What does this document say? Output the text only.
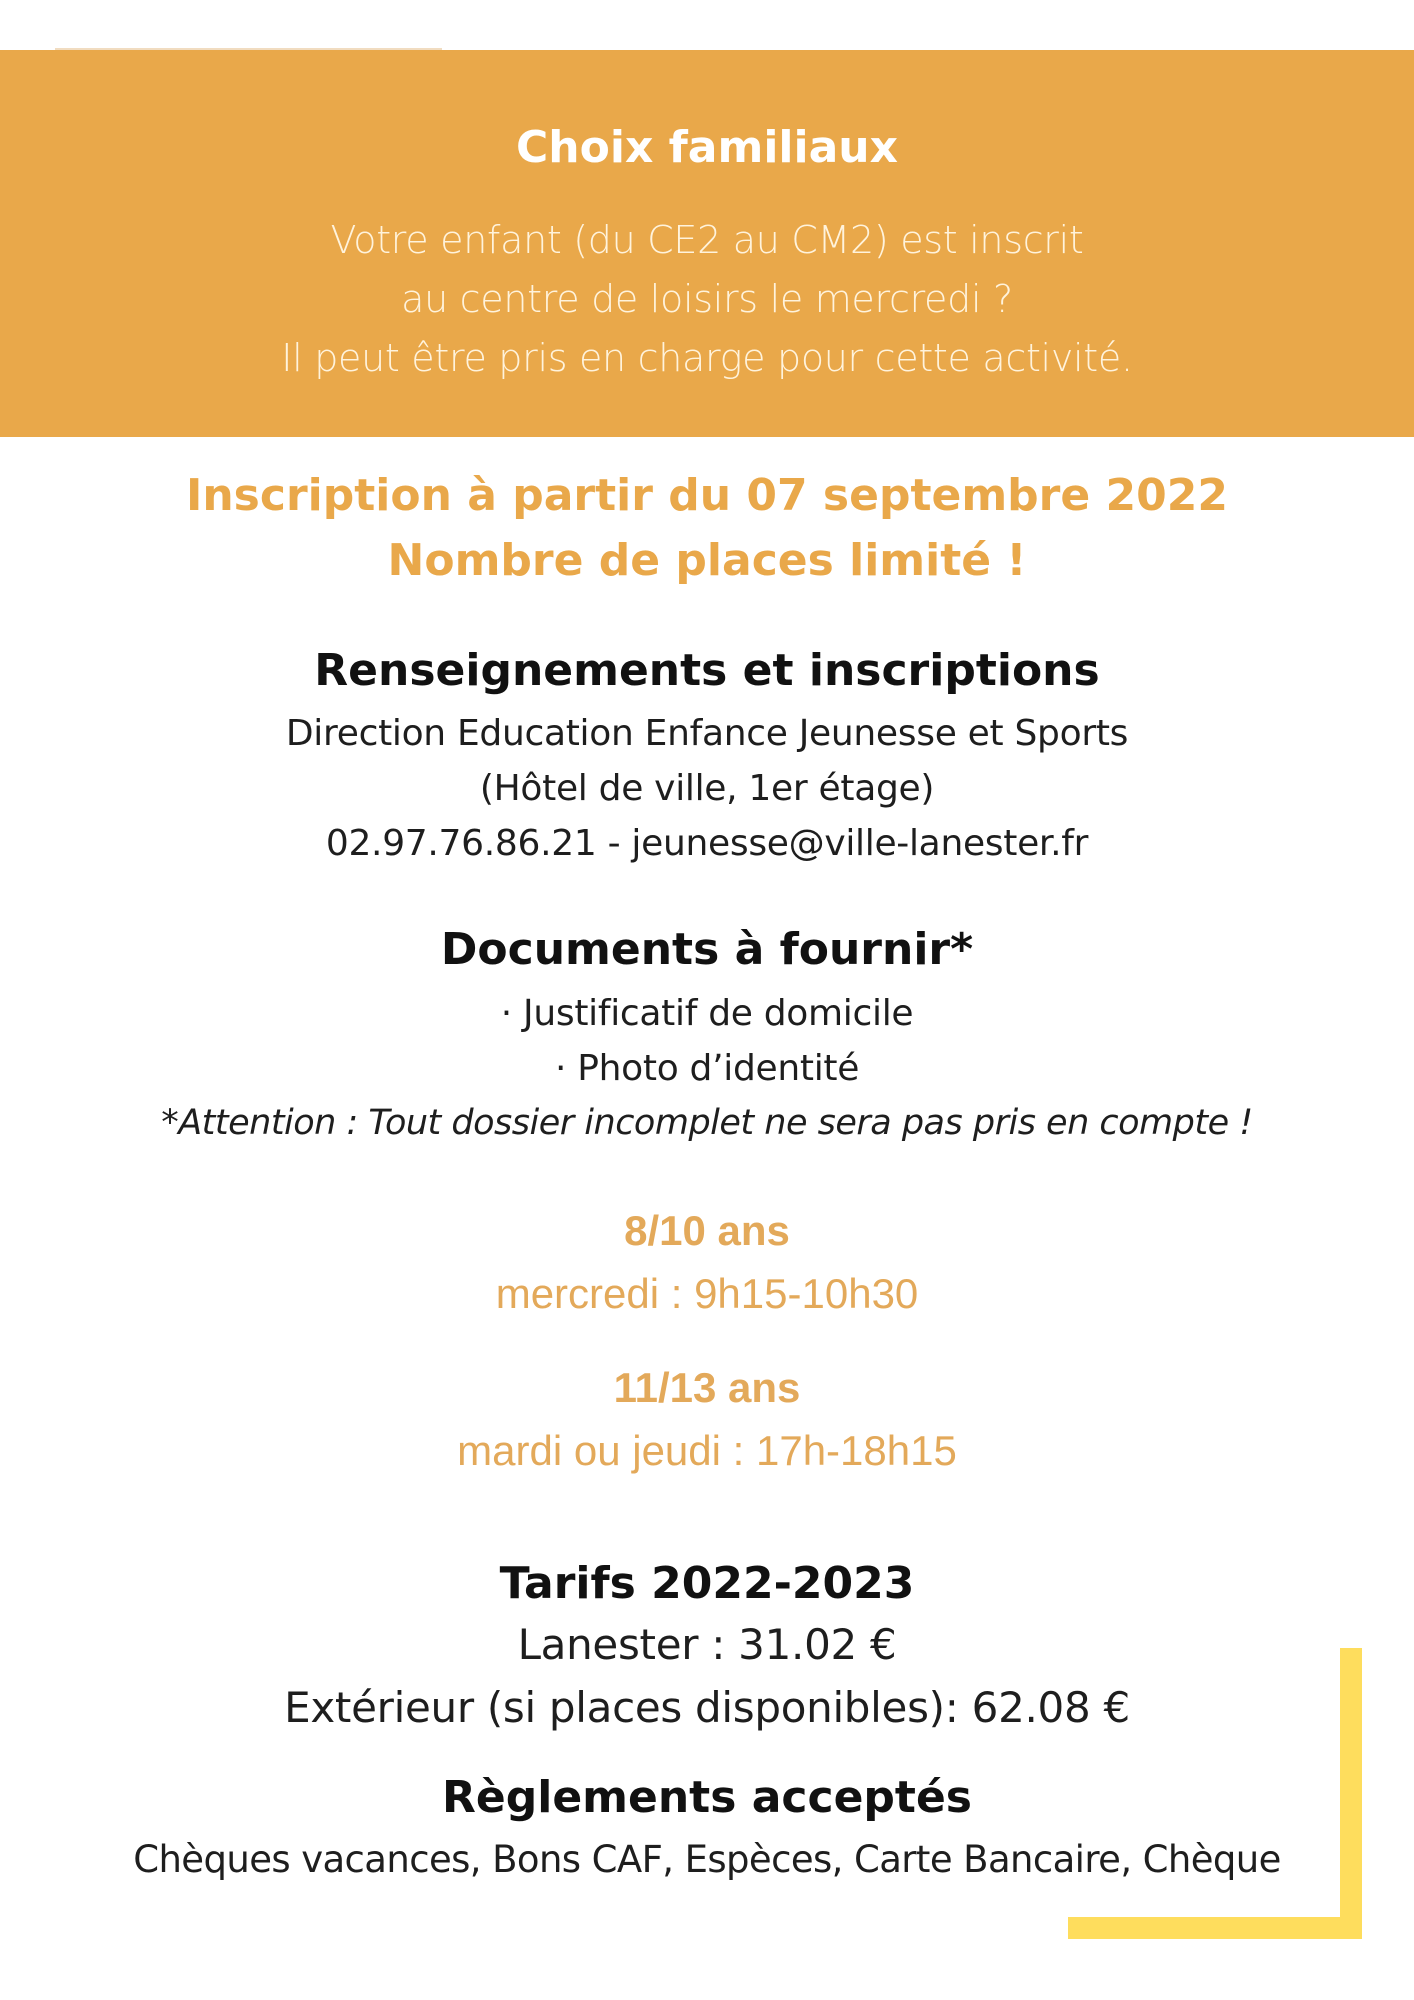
Choix familiaux

Votre enfant (du CE2 au CM2) est inscrit

au centre de loisirs le mercredi ?

Il peut être pris en charge pour cette activité.

Inscription à partir du 07 septembre 2022
Nombre de places limité !
Renseignements et inscriptions

Direction Education Enfance Jeunesse et Sports

(Hôtel de ville, 1er étage)

02.97.76.86.21 - jeunesse@ville-lanester.fr

Documents à fournir*

· Justificatif de domicile

· Photo d’identité

*Attention : Tout dossier incomplet ne sera pas pris en compte !

8/10 ans

mercredi : 9h15-10h30

11/13 ans

mardi ou jeudi : 17h-18h15

Tarifs 2022-2023

Lanester : 31.02 €

Extérieur (si places disponibles): 62.08 €

Règlements acceptés

Chèques vacances, Bons CAF, Espèces, Carte Bancaire, Chèque
